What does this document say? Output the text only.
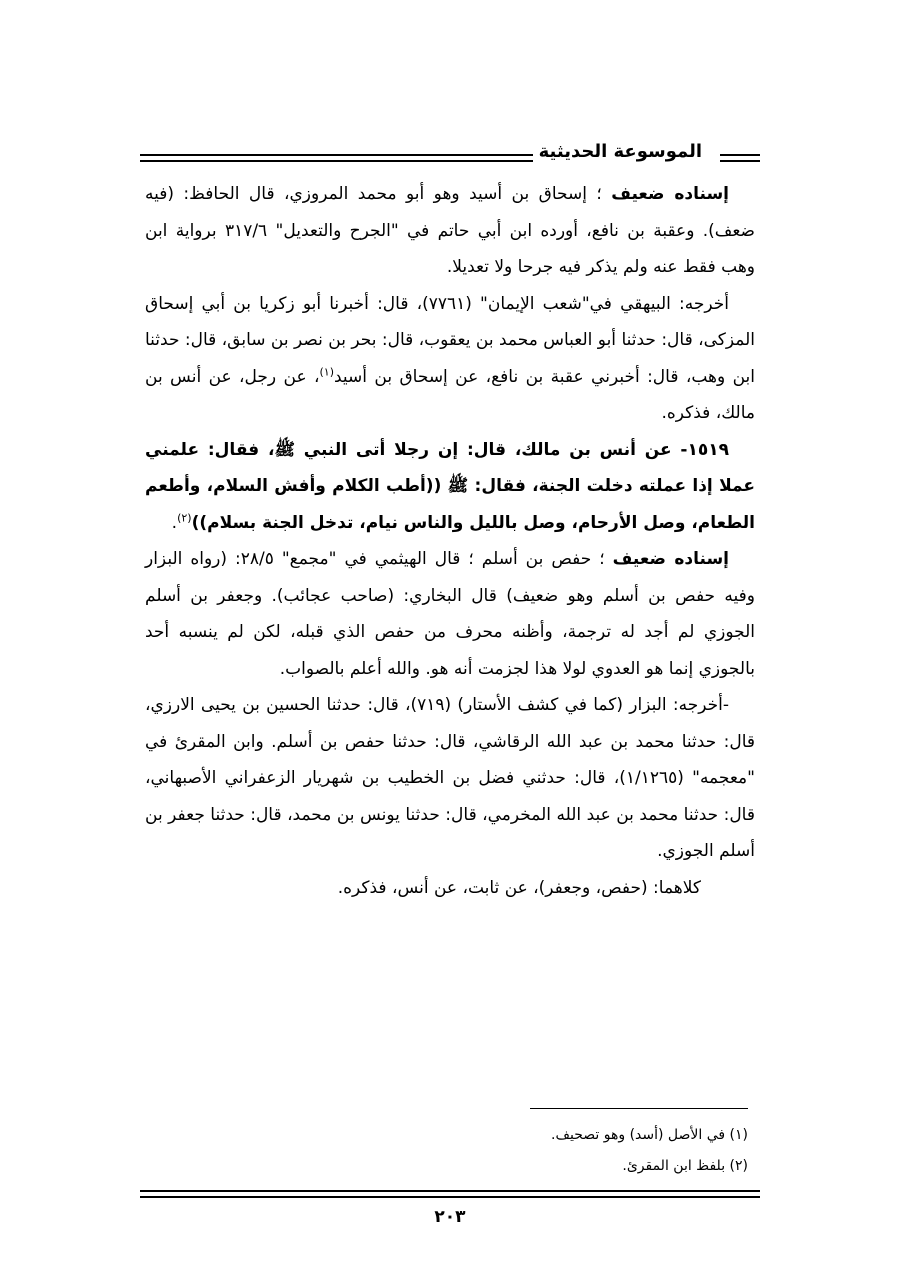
الموسوعة الحديثية

إسناده ضعيف ؛ إسحاق بن أسيد وهو أبو محمد المروزي، قال الحافظ: (فيه ضعف). وعقبة بن نافع، أورده ابن أبي حاتم في "الجرح والتعديل" ٣١٧/٦ برواية ابن وهب فقط عنه ولم يذكر فيه جرحا ولا تعديلا.

أخرجه: البيهقي في"شعب الإيمان" (٧٧٦١)، قال: أخبرنا أبو زكريا بن أبي إسحاق المزكى، قال: حدثنا أبو العباس محمد بن يعقوب، قال: بحر بن نصر بن سابق، قال: حدثنا ابن وهب، قال: أخبرني عقبة بن نافع، عن إسحاق بن أسيد$^{(١)}$، عن رجل، عن أنس بن مالك، فذكره.

١٥١٩- عن أنس بن مالك، قال: إن رجلا أتى النبي ﷺ، فقال: علمني عملا إذا عملته دخلت الجنة، فقال: ﷺ ((أطب الكلام وأفش السلام، وأطعم الطعام، وصل الأرحام، وصل بالليل والناس نيام، تدخل الجنة بسلام))$^{(٢)}$.

إسناده ضعيف ؛ حفص بن أسلم ؛ قال الهيثمي في "مجمع" ٢٨/٥: (رواه البزار وفيه حفص بن أسلم وهو ضعيف) قال البخاري: (صاحب عجائب). وجعفر بن أسلم الجوزي لم أجد له ترجمة، وأظنه محرف من حفص الذي قبله، لكن لم ينسبه أحد بالجوزي إنما هو العدوي لولا هذا لجزمت أنه هو. والله أعلم بالصواب.

-أخرجه: البزار (كما في كشف الأستار) (٧١٩)، قال: حدثنا الحسين بن يحيى الارزي، قال: حدثنا محمد بن عبد الله الرقاشي، قال: حدثنا حفص بن أسلم. وابن المقرئ في "معجمه" (١/١٢٦٥)، قال: حدثني فضل بن الخطيب بن شهريار الزعفراني الأصبهاني، قال: حدثنا محمد بن عبد الله المخرمي، قال: حدثنا يونس بن محمد، قال: حدثنا جعفر بن أسلم الجوزي.

كلاهما: (حفص، وجعفر)، عن ثابت، عن أنس، فذكره.

(١) في الأصل (أسد) وهو تصحيف.
(٢) بلفظ ابن المقرئ.
٢٠٣
